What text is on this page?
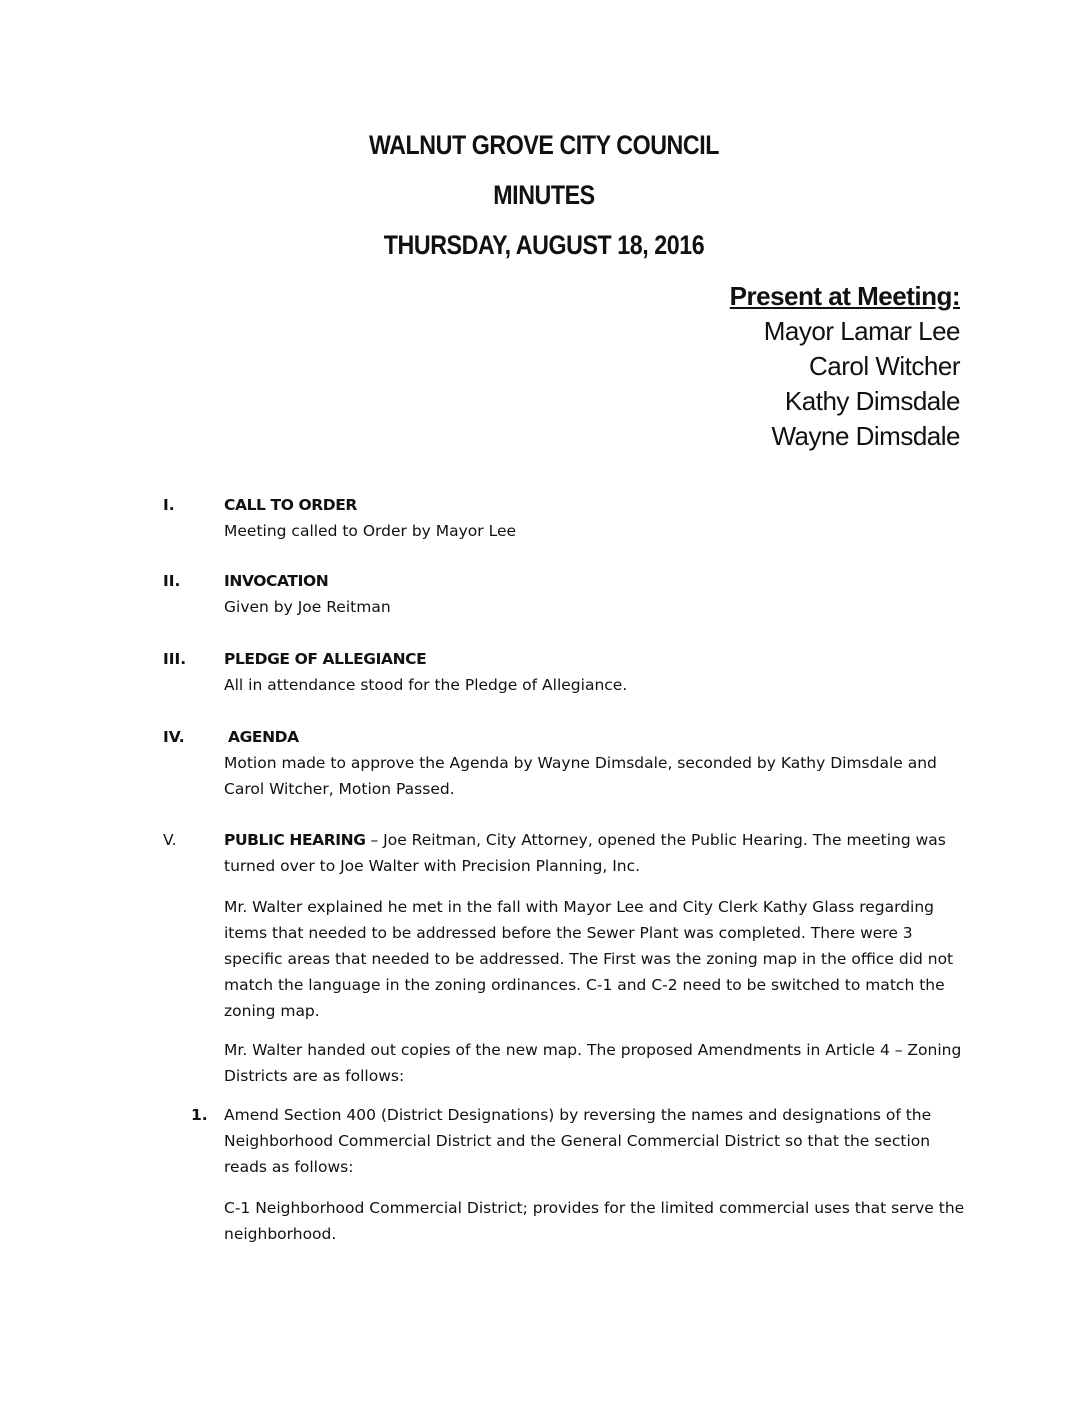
WALNUT GROVE CITY COUNCIL
MINUTES
THURSDAY, AUGUST 18, 2016

Present at Meeting:

Mayor Lamar Lee

Carol Witcher

Kathy Dimsdale

Wayne Dimsdale

I.	CALL TO ORDER
Meeting called to Order by Mayor Lee
II.	INVOCATION
Given by Joe Reitman
III. PLEDGE OF ALLEGIANCE
All in attendance stood for the Pledge of Allegiance.
IV.	AGENDA
Motion made to approve the Agenda by Wayne Dimsdale, seconded by Kathy Dimsdale and Carol Witcher, Motion Passed.
V.	PUBLIC HEARING – Joe Reitman, City Attorney, opened the Public Hearing. The meeting was turned over to Joe Walter with Precision Planning, Inc.

Mr. Walter explained he met in the fall with Mayor Lee and City Clerk Kathy Glass regarding items that needed to be addressed before the Sewer Plant was completed. There were 3 specific areas that needed to be addressed. The First was the zoning map in the office did not match the language in the zoning ordinances. C-1 and C-2 need to be switched to match the zoning map.

Mr. Walter handed out copies of the new map. The proposed Amendments in Article 4 – Zoning Districts are as follows:

1. Amend Section 400 (District Designations) by reversing the names and designations of the Neighborhood Commercial District and the General Commercial District so that the section reads as follows:
C-1 Neighborhood Commercial District; provides for the limited commercial uses that serve the neighborhood.
